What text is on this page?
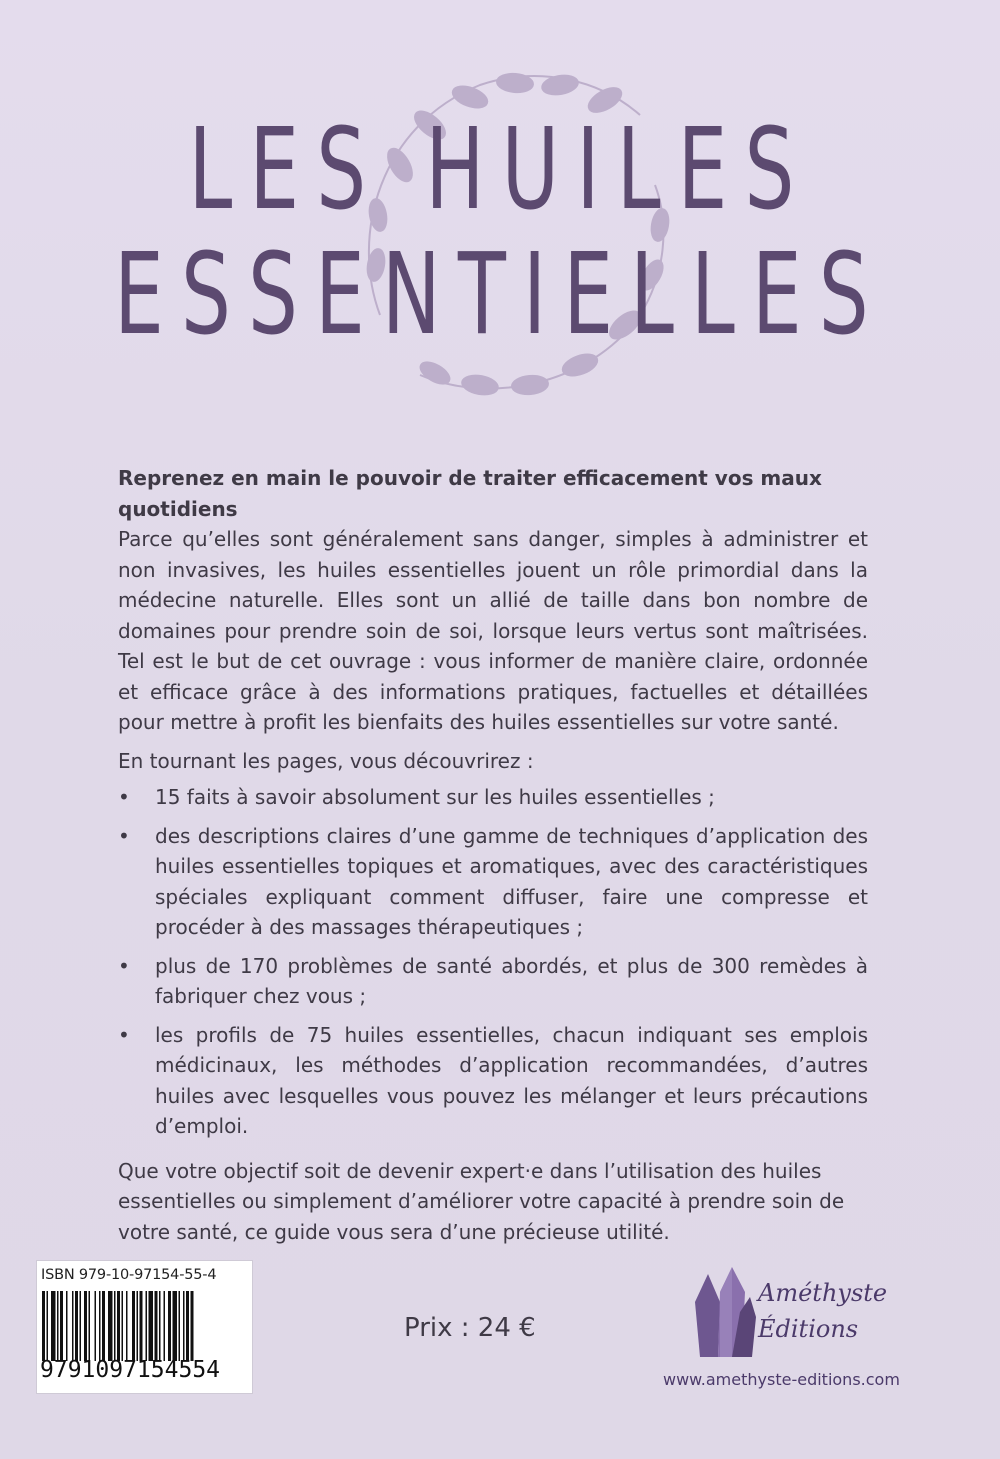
LES HUILES
ESSENTIELLES

Reprenez en main le pouvoir de traiter efficacement vos maux quotidiens

Parce qu’elles sont généralement sans danger, simples à administrer et non invasives, les huiles essentielles jouent un rôle primordial dans la médecine naturelle. Elles sont un allié de taille dans bon nombre de domaines pour prendre soin de soi, lorsque leurs vertus sont maîtrisées. Tel est le but de cet ouvrage : vous informer de manière claire, ordonnée et efficace grâce à des informations pratiques, factuelles et détaillées pour mettre à profit les bienfaits des huiles essentielles sur votre santé.

En tournant les pages, vous découvrirez :

• 15 faits à savoir absolument sur les huiles essentielles ;
• des descriptions claires d’une gamme de techniques d’application des huiles essentielles topiques et aromatiques, avec des caractéristiques spéciales expliquant comment diffuser, faire une compresse et procéder à des massages thérapeutiques ;
• plus de 170 problèmes de santé abordés, et plus de 300 remèdes à fabriquer chez vous ;
• les profils de 75 huiles essentielles, chacun indiquant ses emplois médicinaux, les méthodes d’application recommandées, d’autres huiles avec lesquelles vous pouvez les mélanger et leurs précautions d’emploi.

Que votre objectif soit de devenir expert·e dans l’utilisation des huiles essentielles ou simplement d’améliorer votre capacité à prendre soin de votre santé, ce guide vous sera d’une précieuse utilité.

ISBN 979-10-97154-55-4
9791097154554
Prix : 24 €
Améthyste
Éditions
www.amethyste-editions.com
